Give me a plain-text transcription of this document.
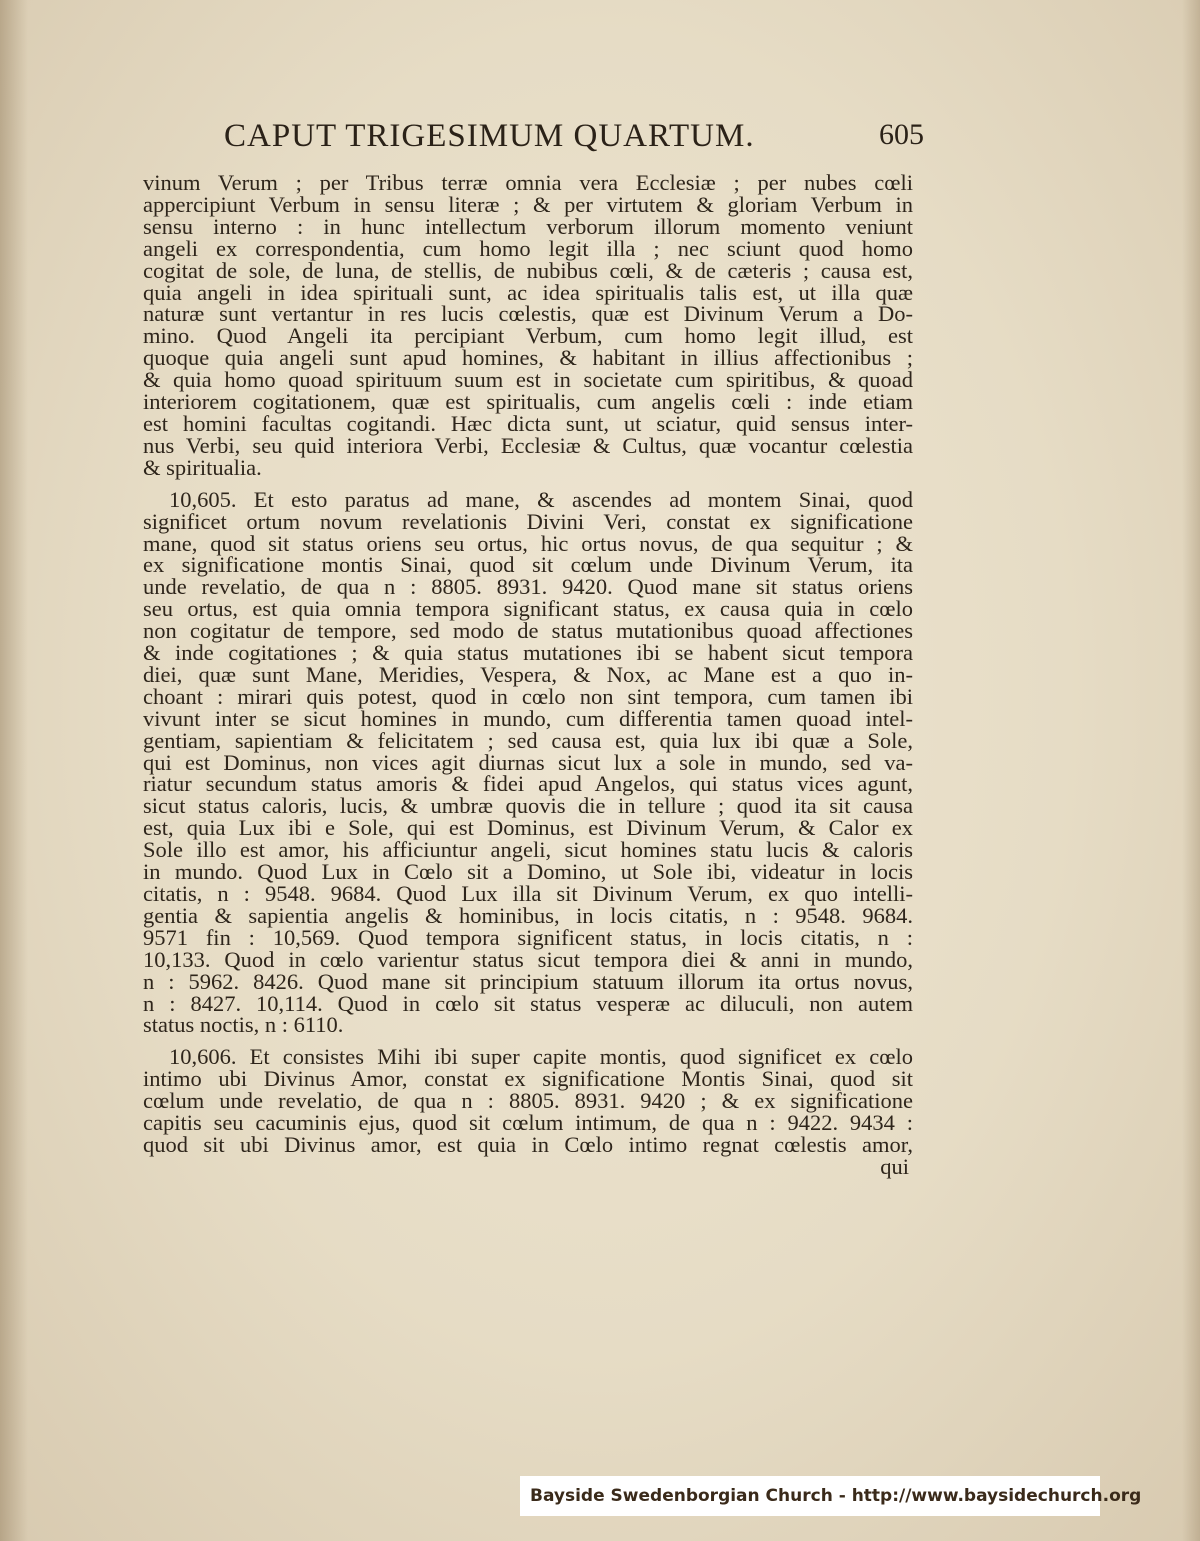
CAPUT TRIGESIMUM QUARTUM.	605
vinum Verum ; per Tribus terræ omnia vera Ecclesiæ ; per nubes cœli
appercipiunt Verbum in sensu literæ ; & per virtutem & gloriam Verbum in
sensu interno : in hunc intellectum verborum illorum momento veniunt
angeli ex correspondentia, cum homo legit illa ; nec sciunt quod homo
cogitat de sole, de luna, de stellis, de nubibus cœli, & de cæteris ; causa est,
quia angeli in idea spirituali sunt, ac idea spiritualis talis est, ut illa quæ
naturæ sunt vertantur in res lucis cœlestis, quæ est Divinum Verum a Do-
mino. Quod Angeli ita percipiant Verbum, cum homo legit illud, est
quoque quia angeli sunt apud homines, & habitant in illius affectionibus ;
& quia homo quoad spirituum suum est in societate cum spiritibus, & quoad
interiorem cogitationem, quæ est spiritualis, cum angelis cœli : inde etiam
est homini facultas cogitandi. Hæc dicta sunt, ut sciatur, quid sensus inter-
nus Verbi, seu quid interiora Verbi, Ecclesiæ & Cultus, quæ vocantur cœlestia
& spiritualia.
10,605. Et esto paratus ad mane, & ascendes ad montem Sinai, quod
significet ortum novum revelationis Divini Veri, constat ex significatione
mane, quod sit status oriens seu ortus, hic ortus novus, de qua sequitur ; &
ex significatione montis Sinai, quod sit cœlum unde Divinum Verum, ita
unde revelatio, de qua n : 8805. 8931. 9420. Quod mane sit status oriens
seu ortus, est quia omnia tempora significant status, ex causa quia in cœlo
non cogitatur de tempore, sed modo de status mutationibus quoad affectiones
& inde cogitationes ; & quia status mutationes ibi se habent sicut tempora
diei, quæ sunt Mane, Meridies, Vespera, & Nox, ac Mane est a quo in-
choant : mirari quis potest, quod in cœlo non sint tempora, cum tamen ibi
vivunt inter se sicut homines in mundo, cum differentia tamen quoad intel-
gentiam, sapientiam & felicitatem ; sed causa est, quia lux ibi quæ a Sole,
qui est Dominus, non vices agit diurnas sicut lux a sole in mundo, sed va-
riatur secundum status amoris & fidei apud Angelos, qui status vices agunt,
sicut status caloris, lucis, & umbræ quovis die in tellure ; quod ita sit causa
est, quia Lux ibi e Sole, qui est Dominus, est Divinum Verum, & Calor ex
Sole illo est amor, his afficiuntur angeli, sicut homines statu lucis & caloris
in mundo. Quod Lux in Cœlo sit a Domino, ut Sole ibi, videatur in locis
citatis, n : 9548. 9684. Quod Lux illa sit Divinum Verum, ex quo intelli-
gentia & sapientia angelis & hominibus, in locis citatis, n : 9548. 9684.
9571 fin : 10,569. Quod tempora significent status, in locis citatis, n :
10,133. Quod in cœlo varientur status sicut tempora diei & anni in mundo,
n : 5962. 8426. Quod mane sit principium statuum illorum ita ortus novus,
n : 8427. 10,114. Quod in cœlo sit status vesperæ ac diluculi, non autem
status noctis, n : 6110.
10,606. Et consistes Mihi ibi super capite montis, quod significet ex cœlo
intimo ubi Divinus Amor, constat ex significatione Montis Sinai, quod sit
cœlum unde revelatio, de qua n : 8805. 8931. 9420 ; & ex significatione
capitis seu cacuminis ejus, quod sit cœlum intimum, de qua n : 9422. 9434 :
quod sit ubi Divinus amor, est quia in Cœlo intimo regnat cœlestis amor,
qui
Bayside Swedenborgian Church - http://www.baysidechurch.org
